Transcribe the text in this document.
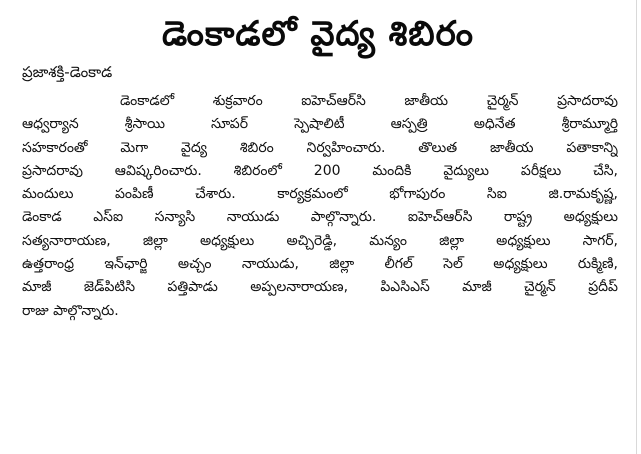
డెంకాడలో వైద్య శిబిరం
ప్రజాశక్తి-డెంకాడ
డెంకాడలో శుక్రవారం ఐహెచ్‌ఆర్‌సి జాతీయ చైర్మన్‌ ప్రసాదరావు
ఆధ్వర్యాన శ్రీసాయి సూపర్‌ స్పెషాలిటీ ఆస్పత్రి అధినేత శ్రీరామ్మూర్తి
సహకారంతో మెగా వైద్య శిబిరం నిర్వహించారు. తొలుత జాతీయ పతాకాన్ని
ప్రసాదరావు ఆవిష్కరించారు. శిబిరంలో 200 మందికి వైద్యులు పరీక్షలు చేసి,
మందులు పంపిణీ చేశారు. కార్యక్రమంలో భోగాపురం సిఐ జి.రామకృష్ణ,
డెంకాడ ఎస్‌ఐ సన్యాసి నాయుడు పాల్గొన్నారు. ఐహెచ్‌ఆర్‌సి రాష్ట్ర అధ్యక్షులు
సత్యనారాయణ, జిల్లా అధ్యక్షులు అచ్చిరెడ్డి, మన్యం జిల్లా అధ్యక్షులు సాగర్‌,
ఉత్తరాంధ్ర ఇన్‌ఛార్జి అచ్చం నాయుడు, జిల్లా లీగల్‌ సెల్‌ అధ్యక్షులు రుక్మిణి,
మాజీ జెడ్‌పిటిసి పత్తిపాడు అప్పలనారాయణ, పిఎసిఎస్‌ మాజీ చైర్మన్‌ ప్రదీప్‌
రాజు పాల్గొన్నారు.
